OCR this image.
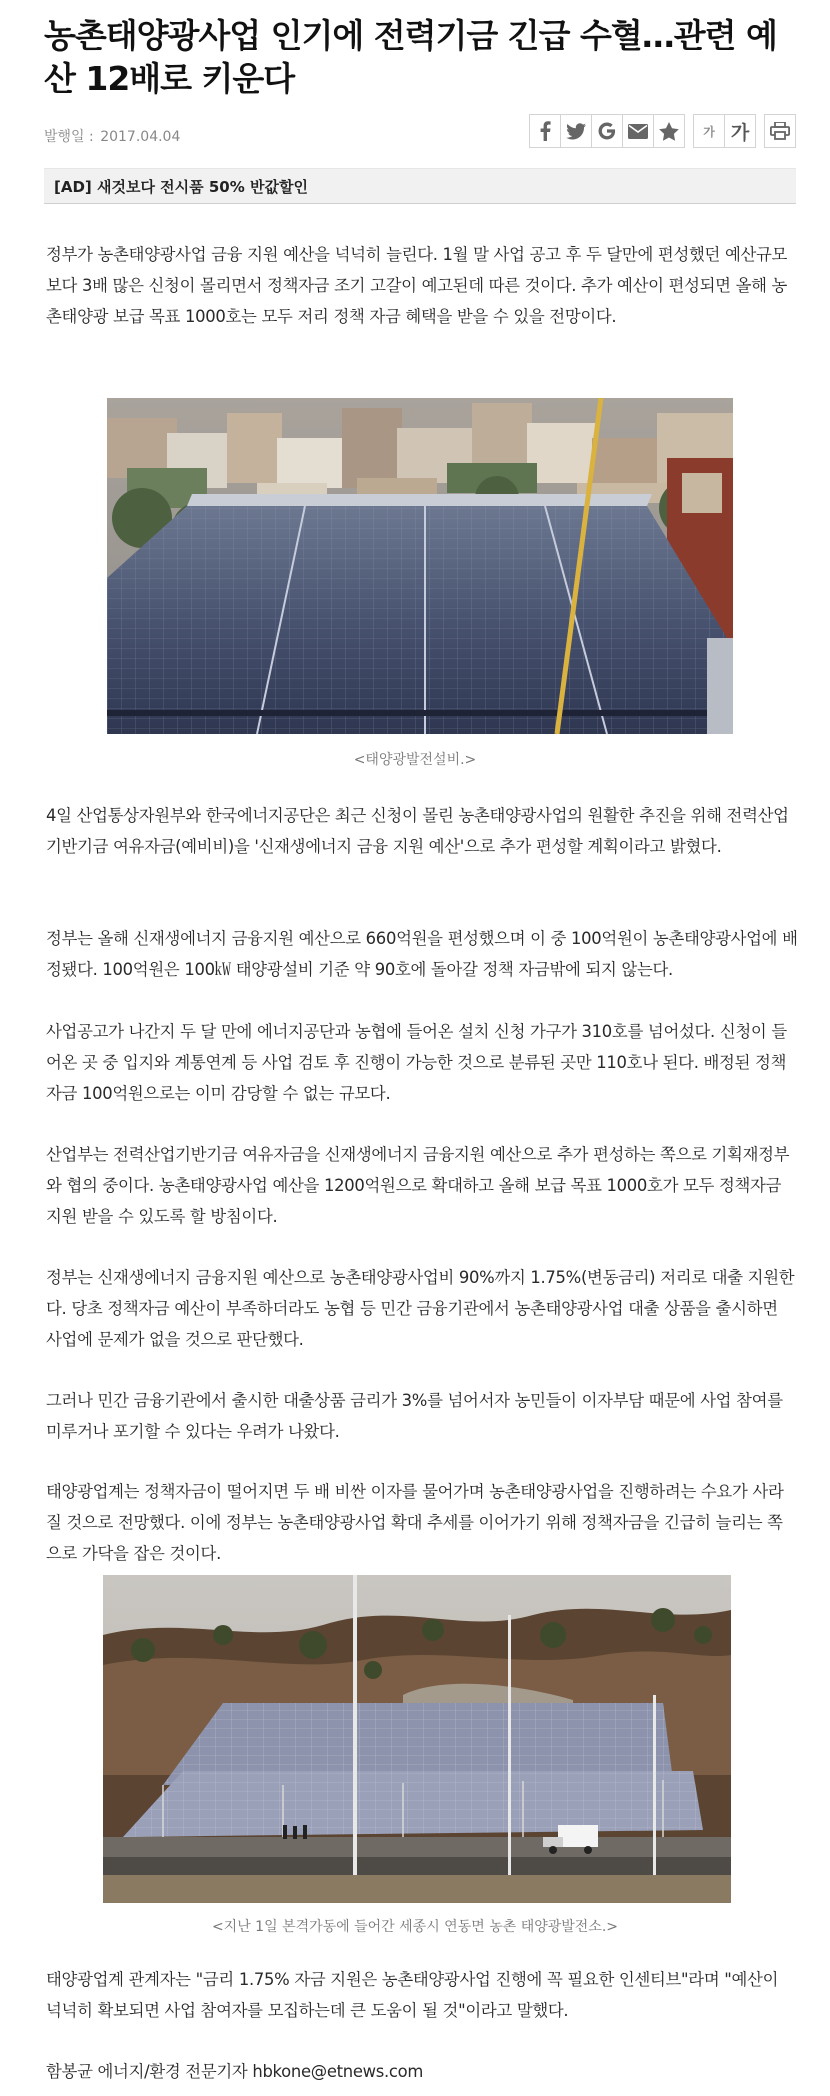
농촌태양광사업 인기에 전력기금 긴급 수혈…관련 예산 12배로 키운다
발행일 : 2017.04.04	가 가
[AD] 새것보다 전시품 50% 반값할인

정부가 농촌태양광사업 금융 지원 예산을 넉넉히 늘린다. 1월 말 사업 공고 후 두 달만에 편성했던 예산규모 보다 3배 많은 신청이 몰리면서 정책자금 조기 고갈이 예고된데 따른 것이다. 추가 예산이 편성되면 올해 농촌태양광 보급 목표 1000호는 모두 저리 정책 자금 혜택을 받을 수 있을 전망이다.

<태양광발전설비.>

4일 산업통상자원부와 한국에너지공단은 최근 신청이 몰린 농촌태양광사업의 원활한 추진을 위해 전력산업기반기금 여유자금(예비비)을 '신재생에너지 금융 지원 예산'으로 추가 편성할 계획이라고 밝혔다.

정부는 올해 신재생에너지 금융지원 예산으로 660억원을 편성했으며 이 중 100억원이 농촌태양광사업에 배정됐다. 100억원은 100㎾ 태양광설비 기준 약 90호에 돌아갈 정책 자금밖에 되지 않는다.

사업공고가 나간지 두 달 만에 에너지공단과 농협에 들어온 설치 신청 가구가 310호를 넘어섰다. 신청이 들어온 곳 중 입지와 계통연계 등 사업 검토 후 진행이 가능한 것으로 분류된 곳만 110호나 된다. 배정된 정책자금 100억원으로는 이미 감당할 수 없는 규모다.

산업부는 전력산업기반기금 여유자금을 신재생에너지 금융지원 예산으로 추가 편성하는 쪽으로 기획재정부와 협의 중이다. 농촌태양광사업 예산을 1200억원으로 확대하고 올해 보급 목표 1000호가 모두 정책자금 지원 받을 수 있도록 할 방침이다.

정부는 신재생에너지 금융지원 예산으로 농촌태양광사업비 90%까지 1.75%(변동금리) 저리로 대출 지원한다. 당초 정책자금 예산이 부족하더라도 농협 등 민간 금융기관에서 농촌태양광사업 대출 상품을 출시하면 사업에 문제가 없을 것으로 판단했다.

그러나 민간 금융기관에서 출시한 대출상품 금리가 3%를 넘어서자 농민들이 이자부담 때문에 사업 참여를 미루거나 포기할 수 있다는 우려가 나왔다.

태양광업계는 정책자금이 떨어지면 두 배 비싼 이자를 물어가며 농촌태양광사업을 진행하려는 수요가 사라질 것으로 전망했다. 이에 정부는 농촌태양광사업 확대 추세를 이어가기 위해 정책자금을 긴급히 늘리는 쪽으로 가닥을 잡은 것이다.

<지난 1일 본격가동에 들어간 세종시 연동면 농촌 태양광발전소.>

태양광업계 관계자는 "금리 1.75% 자금 지원은 농촌태양광사업 진행에 꼭 필요한 인센티브"라며 "예산이 넉넉히 확보되면 사업 참여자를 모집하는데 큰 도움이 될 것"이라고 말했다.

함봉균 에너지/환경 전문기자 hbkone@etnews.com
